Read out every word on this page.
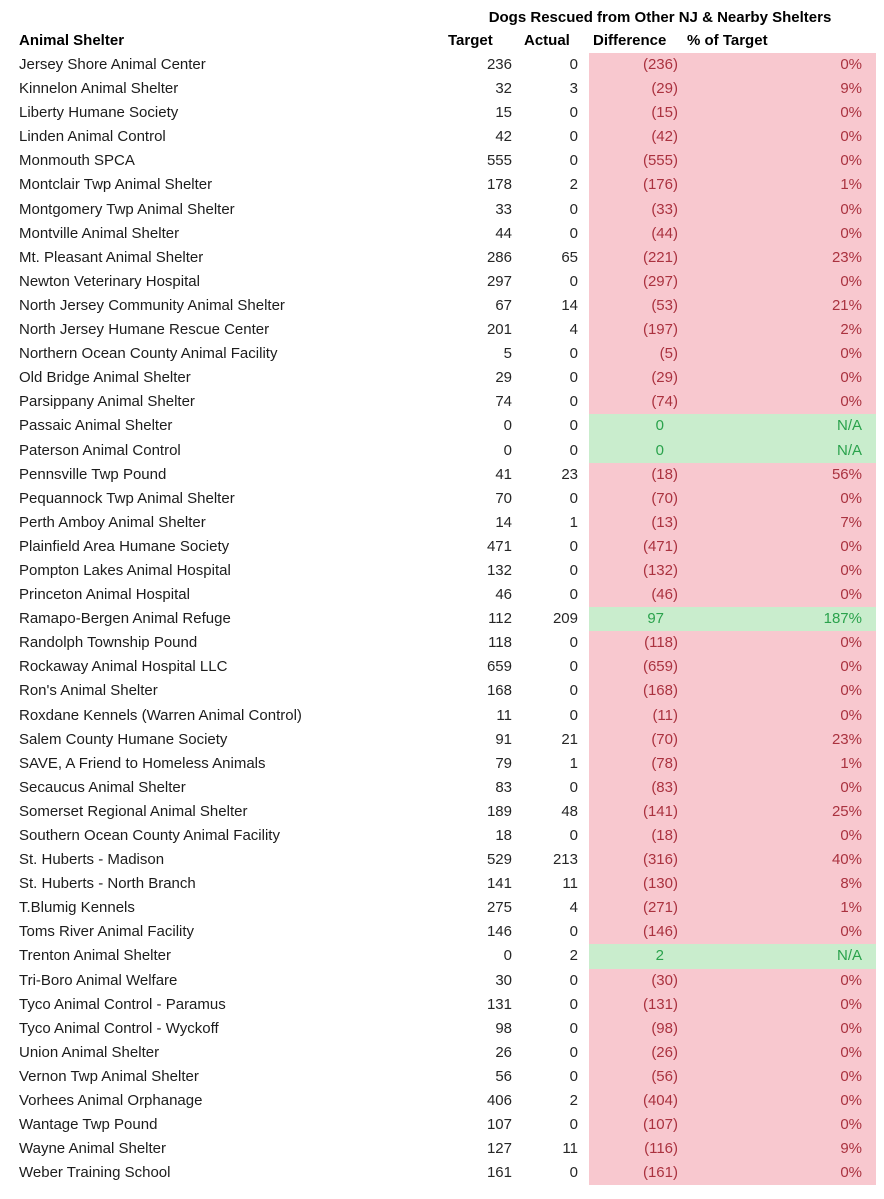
Dogs Rescued from Other NJ & Nearby Shelters
Animal Shelter	Target	Actual	Difference	% of Target
Jersey Shore Animal Center	236	0	(236)	0%
Kinnelon Animal Shelter	32	3	(29)	9%
Liberty Humane Society	15	0	(15)	0%
Linden Animal Control	42	0	(42)	0%
Monmouth SPCA	555	0	(555)	0%
Montclair Twp Animal Shelter	178	2	(176)	1%
Montgomery Twp Animal Shelter	33	0	(33)	0%
Montville Animal Shelter	44	0	(44)	0%
Mt. Pleasant Animal Shelter	286	65	(221)	23%
Newton Veterinary Hospital	297	0	(297)	0%
North Jersey Community Animal Shelter	67	14	(53)	21%
North Jersey Humane Rescue Center	201	4	(197)	2%
Northern Ocean County Animal Facility	5	0	(5)	0%
Old Bridge Animal Shelter	29	0	(29)	0%
Parsippany Animal Shelter	74	0	(74)	0%
Passaic Animal Shelter	0	0	0	N/A
Paterson Animal Control	0	0	0	N/A
Pennsville Twp Pound	41	23	(18)	56%
Pequannock Twp Animal Shelter	70	0	(70)	0%
Perth Amboy Animal Shelter	14	1	(13)	7%
Plainfield Area Humane Society	471	0	(471)	0%
Pompton Lakes Animal Hospital	132	0	(132)	0%
Princeton Animal Hospital	46	0	(46)	0%
Ramapo-Bergen Animal Refuge	112	209	97	187%
Randolph Township Pound	118	0	(118)	0%
Rockaway Animal Hospital LLC	659	0	(659)	0%
Ron's Animal Shelter	168	0	(168)	0%
Roxdane Kennels (Warren Animal Control)	11	0	(11)	0%
Salem County Humane Society	91	21	(70)	23%
SAVE, A Friend to Homeless Animals	79	1	(78)	1%
Secaucus Animal Shelter	83	0	(83)	0%
Somerset Regional Animal Shelter	189	48	(141)	25%
Southern Ocean County Animal Facility	18	0	(18)	0%
St. Huberts - Madison	529	213	(316)	40%
St. Huberts - North Branch	141	11	(130)	8%
T.Blumig Kennels	275	4	(271)	1%
Toms River Animal Facility	146	0	(146)	0%
Trenton Animal Shelter	0	2	2	N/A
Tri-Boro Animal Welfare	30	0	(30)	0%
Tyco Animal Control - Paramus	131	0	(131)	0%
Tyco Animal Control - Wyckoff	98	0	(98)	0%
Union Animal Shelter	26	0	(26)	0%
Vernon Twp Animal Shelter	56	0	(56)	0%
Vorhees Animal Orphanage	406	2	(404)	0%
Wantage Twp Pound	107	0	(107)	0%
Wayne Animal Shelter	127	11	(116)	9%
Weber Training School	161	0	(161)	0%
